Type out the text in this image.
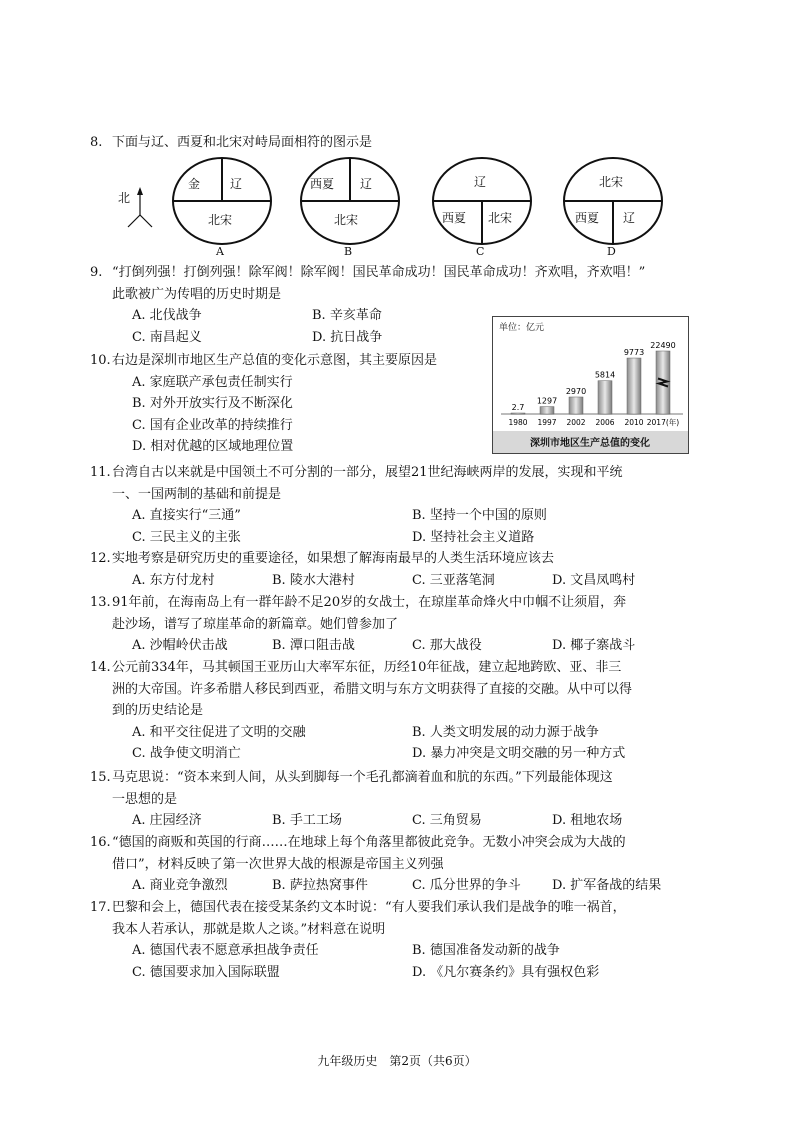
8. 下面与辽、西夏和北宋对峙局面相符的图示是

北
金 辽
北宋
A
西夏 辽
北宋
B
辽
西夏 北宋
C
北宋
西夏 辽
D
9. “打倒列强！打倒列强！除军阀！除军阀！国民革命成功！国民革命成功！齐欢唱，齐欢唱！”

此歌被广为传唱的历史时期是

A. 北伐战争	B. 辛亥革命
C. 南昌起义	D. 抗日战争
10. 右边是深圳市地区生产总值的变化示意图，其主要原因是

A. 家庭联产承包责任制实行
B. 对外开放实行及不断深化
C. 国有企业改革的持续推行
D. 相对优越的区域地理位置
单位：亿元
2.7
1297
2970
5814
9773
22490
1980 1997 2002 2006 2010 2017(年)
深圳市地区生产总值的变化
11. 台湾自古以来就是中国领土不可分割的一部分，展望21世纪海峡两岸的发展，实现和平统

一、一国两制的基础和前提是

A. 直接实行“三通”	B. 坚持一个中国的原则
C. 三民主义的主张	D. 坚持社会主义道路
12. 实地考察是研究历史的重要途径，如果想了解海南最早的人类生活环境应该去

A. 东方付龙村	B. 陵水大港村	C. 三亚落笔洞	D. 文昌凤鸣村
13. 91年前，在海南岛上有一群年龄不足20岁的女战士，在琼崖革命烽火中巾帼不让须眉，奔

赴沙场，谱写了琼崖革命的新篇章。她们曾参加了

A. 沙帽岭伏击战	B. 潭口阻击战	C. 那大战役	D. 椰子寨战斗
14. 公元前334年，马其顿国王亚历山大率军东征，历经10年征战，建立起地跨欧、亚、非三

洲的大帝国。许多希腊人移民到西亚，希腊文明与东方文明获得了直接的交融。从中可以得

到的历史结论是

A. 和平交往促进了文明的交融	B. 人类文明发展的动力源于战争
C. 战争使文明消亡	D. 暴力冲突是文明交融的另一种方式
15. 马克思说：“资本来到人间，从头到脚每一个毛孔都滴着血和肮的东西。”下列最能体现这

一思想的是

A. 庄园经济	B. 手工工场	C. 三角贸易	D. 租地农场
16. “德国的商贩和英国的行商……在地球上每个角落里都彼此竞争。无数小冲突会成为大战的

借口”，材料反映了第一次世界大战的根源是帝国主义列强

A. 商业竞争激烈	B. 萨拉热窝事件	C. 瓜分世界的争斗	D. 扩军备战的结果
17. 巴黎和会上，德国代表在接受某条约文本时说：“有人要我们承认我们是战争的唯一祸首，

我本人若承认，那就是欺人之谈。”材料意在说明

A. 德国代表不愿意承担战争责任	B. 德国准备发动新的战争
C. 德国要求加入国际联盟	D. 《凡尔赛条约》具有强权色彩
九年级历史　第2页（共6页）
